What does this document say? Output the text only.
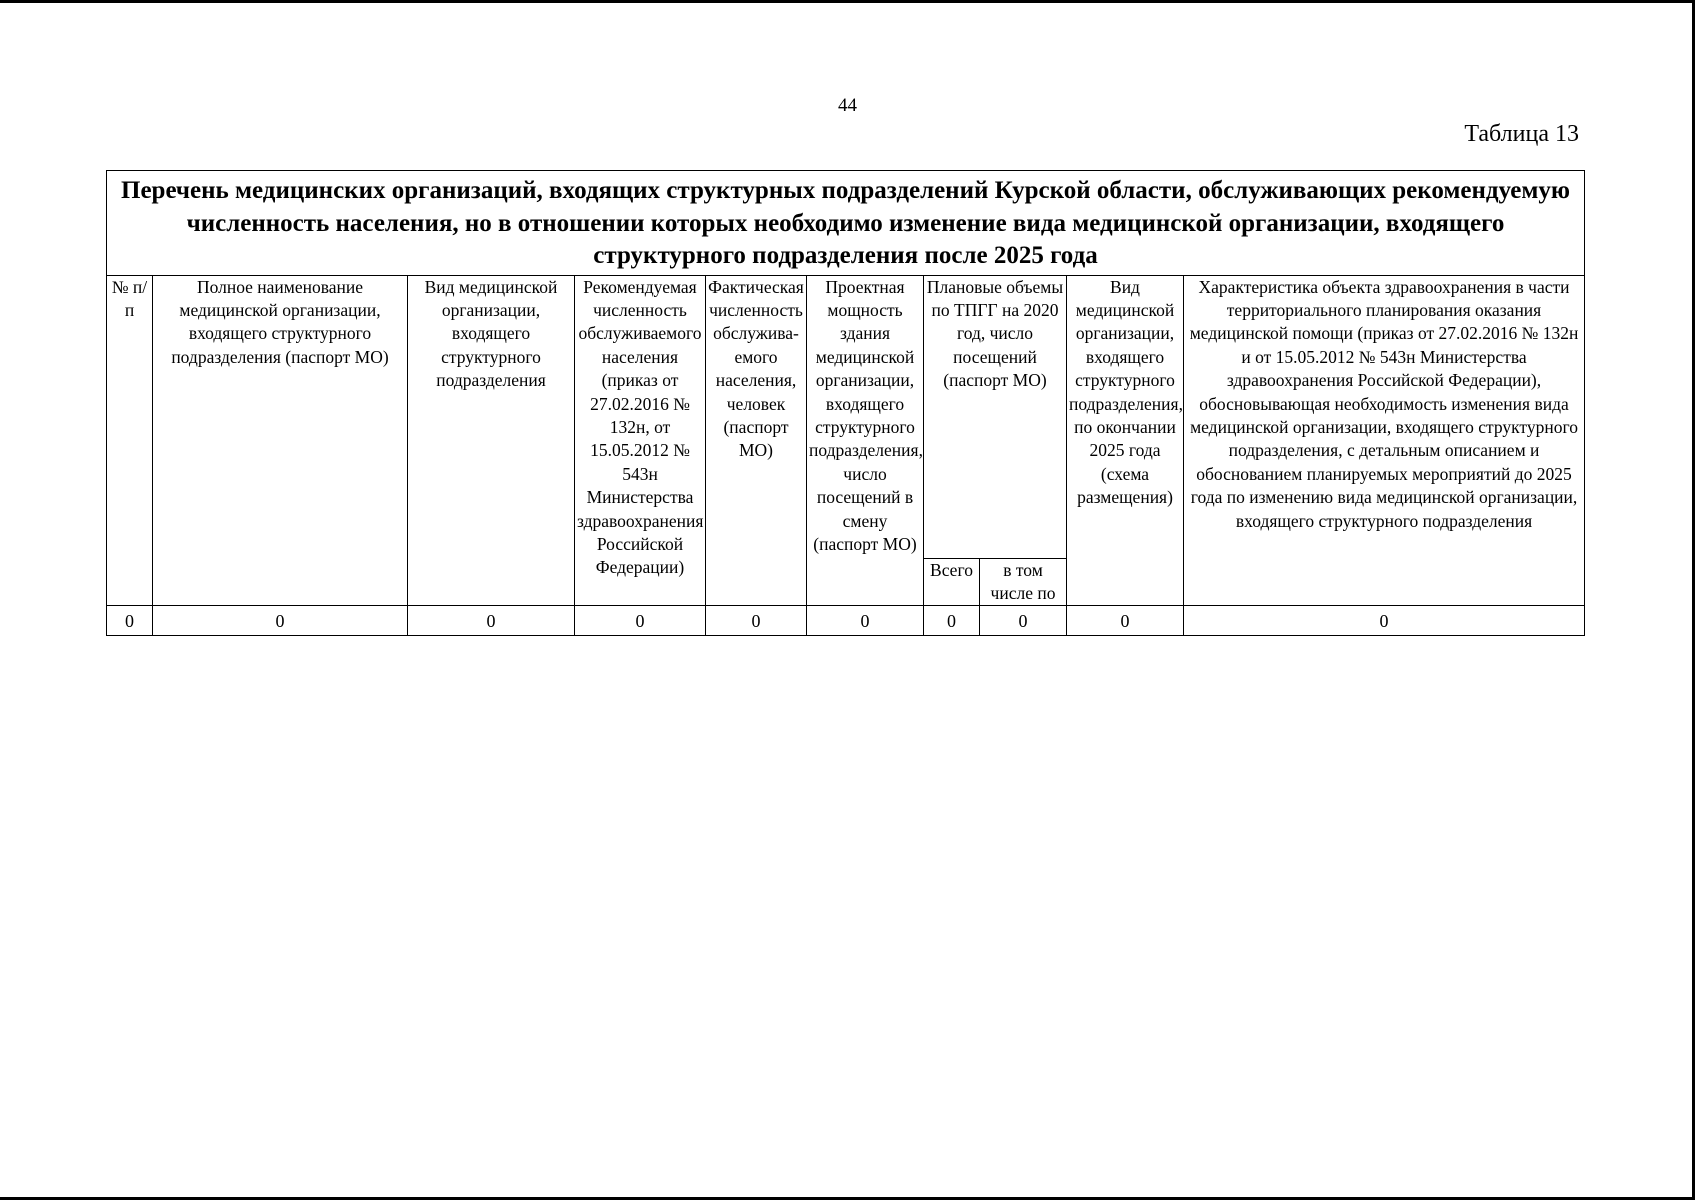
44
Таблица 13
Перечень медицинских организаций, входящих структурных подразделений Курской области, обслуживающих рекомендуемую численность населения, но в отношении которых необходимо изменение вида медицинской организации, входящего структурного подразделения после 2025 года									
№ п/п	Полное наименование медицинской организации, входящего структурного подразделения (паспорт МО)	Вид медицинской организации, входящего структурного подразделения	Рекомендуемая численность обслуживаемого населения (приказ от 27.02.2016 № 132н, от 15.05.2012 № 543н Министерства здравоохранения Российской Федерации)	Фактическая численность обслужива-емого населения, человек (паспорт МО)	Проектная мощность здания медицинской организации, входящего структурного подразделения, число посещений в смену (паспорт МО)	Плановые объемы по ТПГГ на 2020 год, число посещений (паспорт МО)		Вид медицинской организации, входящего структурного подразделения, по окончании 2025 года (схема размещения)	Характеристика объекта здравоохранения в части территориального планирования оказания медицинской помощи (приказ от 27.02.2016 № 132н и от 15.05.2012 № 543н Министерства здравоохранения Российской Федерации), обосновывающая необходимость изменения вида медицинской организации, входящего структурного подразделения, с детальным описанием и обоснованием планируемых мероприятий до 2025 года по изменению вида медицинской организации, входящего структурного подразделения
						Всего	в том числе по		
0	0	0	0	0	0	0	0	0	0
